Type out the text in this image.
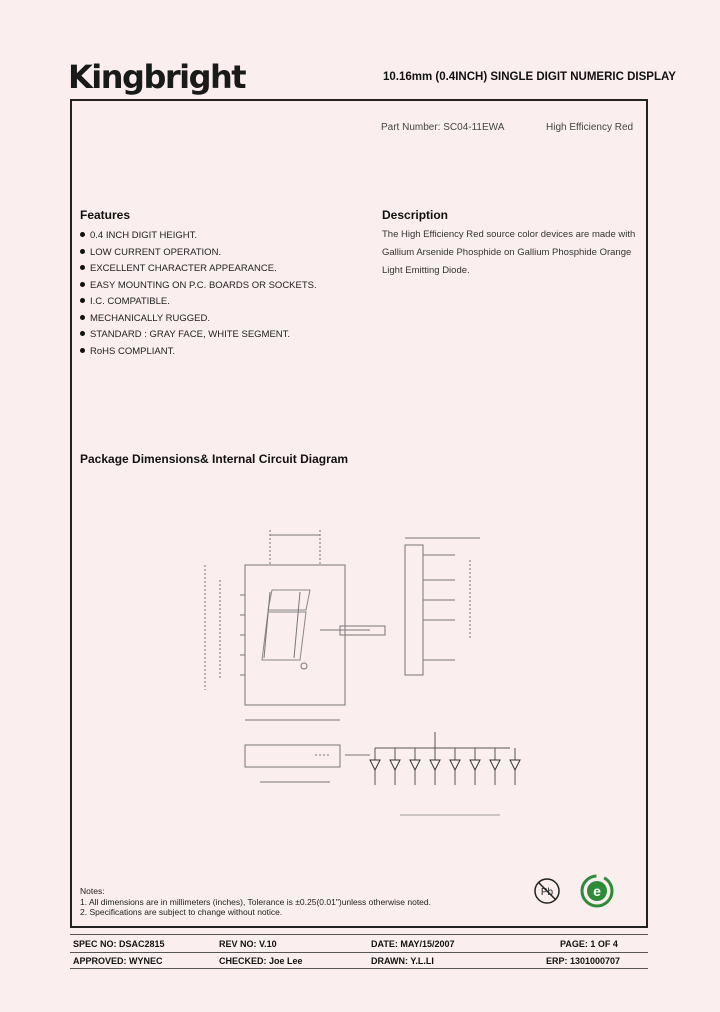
Kingbright	10.16mm (0.4INCH) SINGLE DIGIT NUMERIC DISPLAY
Part Number: SC04-11EWA	High Efficiency Red
Features
0.4 INCH DIGIT HEIGHT.
LOW CURRENT OPERATION.
EXCELLENT CHARACTER APPEARANCE.
EASY MOUNTING ON P.C. BOARDS OR SOCKETS.
I.C. COMPATIBLE.
MECHANICALLY RUGGED.
STANDARD : GRAY FACE, WHITE SEGMENT.
RoHS COMPLIANT.
Description
The High Efficiency Red source color devices are made with Gallium Arsenide Phosphide on Gallium Phosphide Orange Light Emitting Diode.
Package Dimensions& Internal Circuit Diagram
Pb	e
Notes:
1. All dimensions are in millimeters (inches), Tolerance is ±0.25(0.01")unless otherwise noted.
2. Specifications are subject to change without notice.
SPEC NO: DSAC2815	REV NO: V.10	DATE: MAY/15/2007	PAGE: 1 OF 4
APPROVED: WYNEC	CHECKED: Joe Lee	DRAWN: Y.L.LI	ERP: 1301000707
